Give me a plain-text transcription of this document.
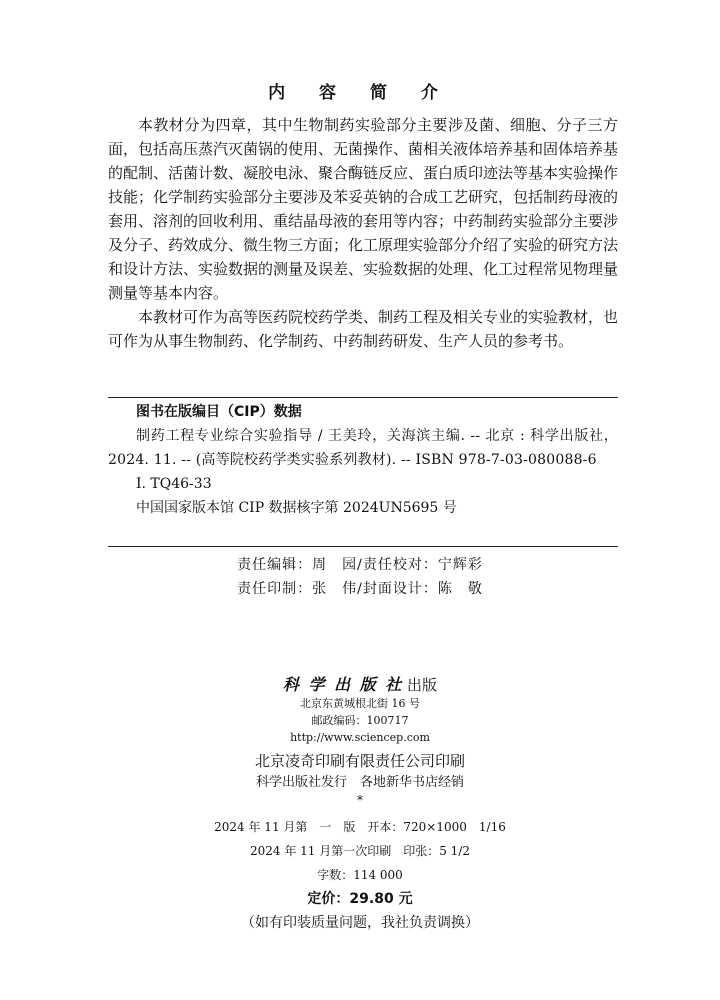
内 容 简 介

本教材分为四章，其中生物制药实验部分主要涉及菌、细胞、分子三方面，包括高压蒸汽灭菌锅的使用、无菌操作、菌相关液体培养基和固体培养基的配制、活菌计数、凝胶电泳、聚合酶链反应、蛋白质印迹法等基本实验操作技能；化学制药实验部分主要涉及苯妥英钠的合成工艺研究，包括制药母液的套用、溶剂的回收利用、重结晶母液的套用等内容；中药制药实验部分主要涉及分子、药效成分、微生物三方面；化工原理实验部分介绍了实验的研究方法和设计方法、实验数据的测量及误差、实验数据的处理、化工过程常见物理量测量等基本内容。

本教材可作为高等医药院校药学类、制药工程及相关专业的实验教材，也可作为从事生物制药、化学制药、中药制药研发、生产人员的参考书。

图书在版编目（CIP）数据
制药工程专业综合实验指导 / 王美玲，关海滨主编. -- 北京 : 科学出版社，2024. 11. -- (高等院校药学类实验系列教材). -- ISBN 978-7-03-080088-6
Ⅰ. TQ46-33
中国国家版本馆 CIP 数据核字第 2024UN5695 号
责任编辑：周　园/责任校对：宁辉彩
责任印制：张　伟/封面设计：陈　敬
科 学 出 版 社 出版
北京东黄城根北街 16 号
邮政编码：100717
http://www.sciencep.com
北京凌奇印刷有限责任公司印刷
科学出版社发行　各地新华书店经销
*
2024 年 11 月第　一　版　开本：720×1000　1/16
2024 年 11 月第一次印刷　印张：5 1/2
字数：114 000
定价：29.80 元
（如有印装质量问题，我社负责调换）
